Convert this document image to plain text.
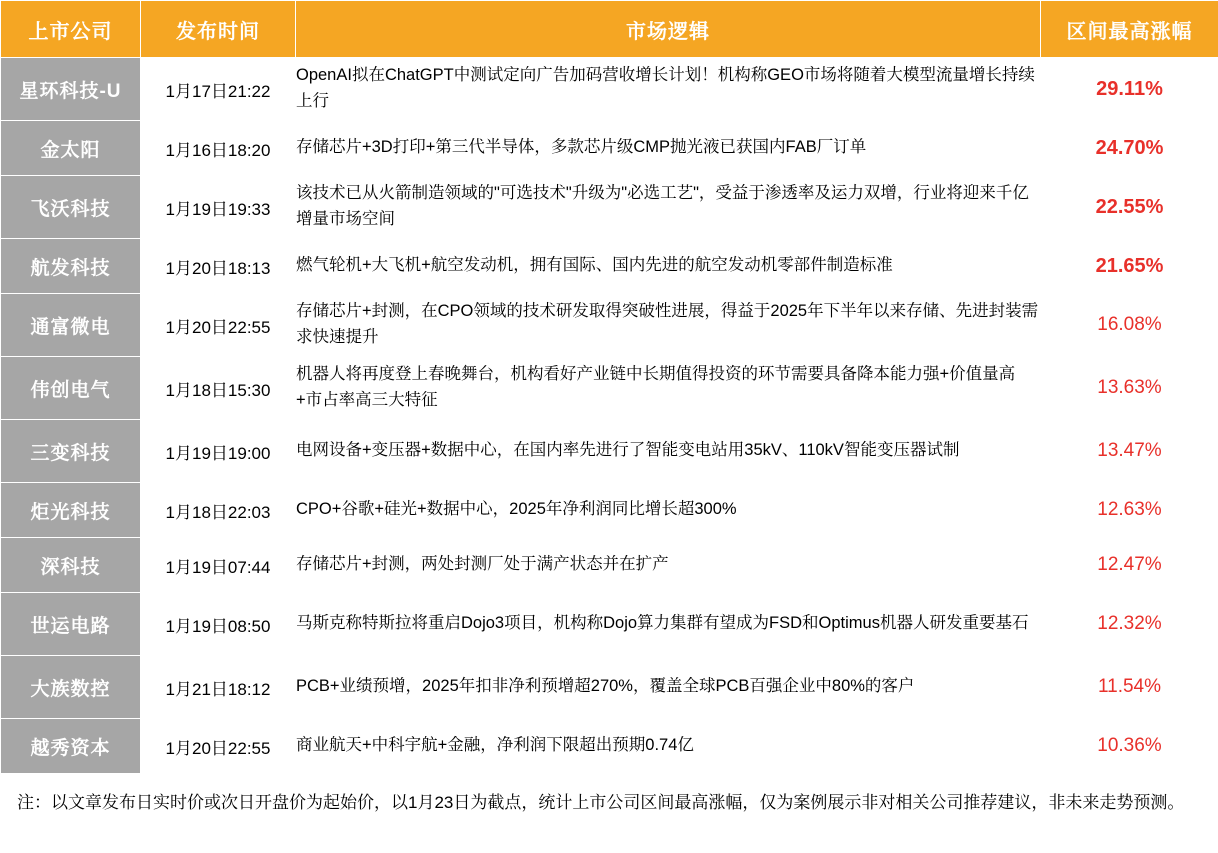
上市公司	发布时间	市场逻辑	区间最高涨幅
星环科技-U	1月17日21:22	OpenAI拟在ChatGPT中测试定向广告加码营收增长计划！机构称GEO市场将随着大模型流量增长持续上行	29.11%
金太阳	1月16日18:20	存储芯片+3D打印+第三代半导体，多款芯片级CMP抛光液已获国内FAB厂订单	24.70%
飞沃科技	1月19日19:33	该技术已从火箭制造领域的"可选技术"升级为"必选工艺"，受益于渗透率及运力双增，行业将迎来千亿增量市场空间	22.55%
航发科技	1月20日18:13	燃气轮机+大飞机+航空发动机，拥有国际、国内先进的航空发动机零部件制造标准	21.65%
通富微电	1月20日22:55	存储芯片+封测，在CPO领域的技术研发取得突破性进展，得益于2025年下半年以来存储、先进封装需求快速提升	16.08%
伟创电气	1月18日15:30	机器人将再度登上春晚舞台，机构看好产业链中长期值得投资的环节需要具备降本能力强+价值量高+市占率高三大特征	13.63%
三变科技	1月19日19:00	电网设备+变压器+数据中心，在国内率先进行了智能变电站用35kV、110kV智能变压器试制	13.47%
炬光科技	1月18日22:03	CPO+谷歌+硅光+数据中心，2025年净利润同比增长超300%	12.63%
深科技	1月19日07:44	存储芯片+封测，两处封测厂处于满产状态并在扩产	12.47%
世运电路	1月19日08:50	马斯克称特斯拉将重启Dojo3项目，机构称Dojo算力集群有望成为FSD和Optimus机器人研发重要基石	12.32%
大族数控	1月21日18:12	PCB+业绩预增，2025年扣非净利预增超270%，覆盖全球PCB百强企业中80%的客户	11.54%
越秀资本	1月20日22:55	商业航天+中科宇航+金融，净利润下限超出预期0.74亿	10.36%
注：以文章发布日实时价或次日开盘价为起始价，以1月23日为截点，统计上市公司区间最高涨幅，仅为案例展示非对相关公司推荐建议，非未来走势预测。
